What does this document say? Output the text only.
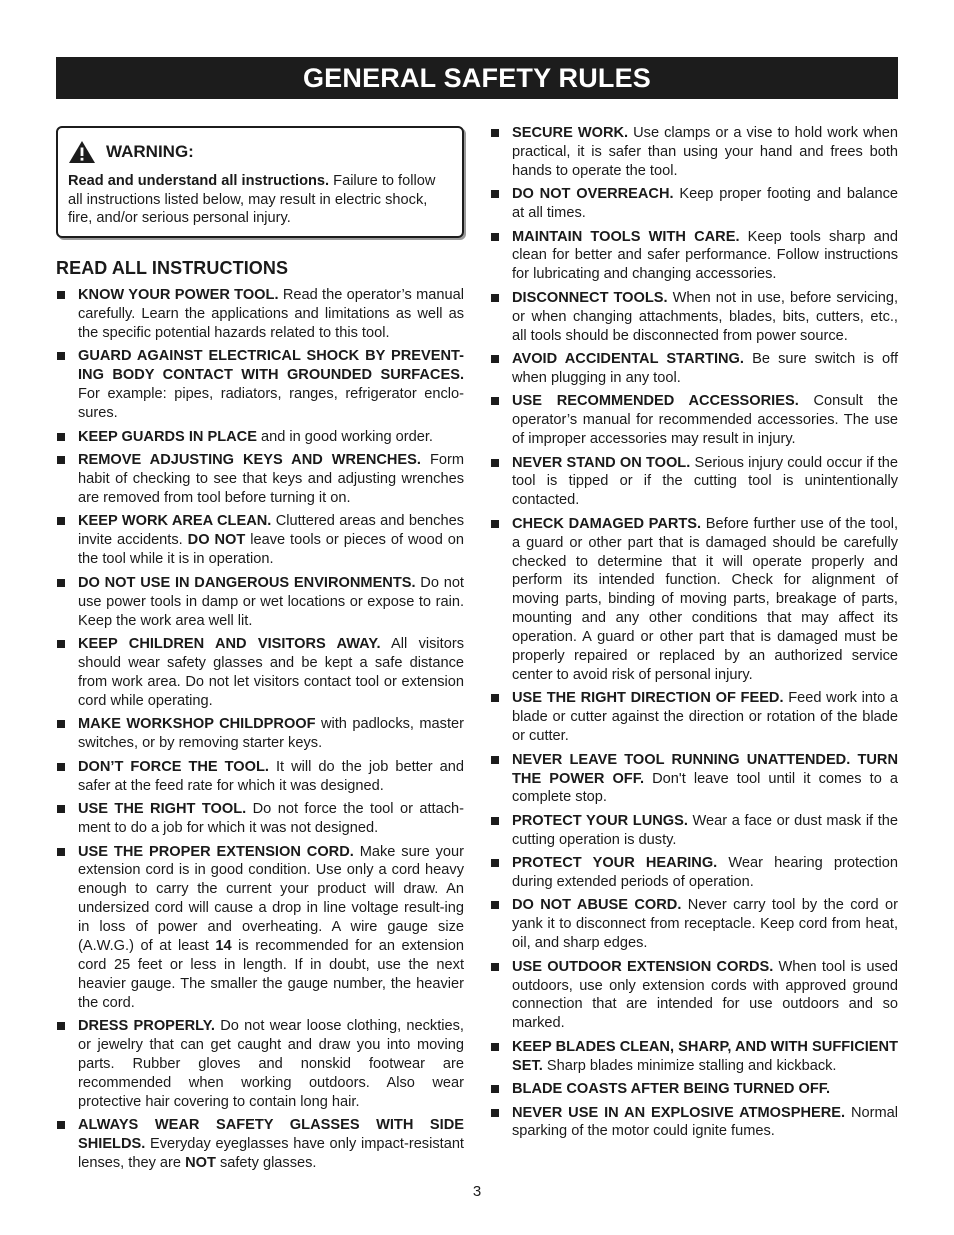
GENERAL SAFETY RULES
WARNING:

Read and understand all instructions. Failure to follow all instructions listed below, may result in electric shock, fire, and/or serious personal injury.

READ ALL INSTRUCTIONS
KNOW YOUR POWER TOOL. Read the operator’s manual carefully. Learn the applications and limitations as well as the specific potential hazards related to this tool.
GUARD AGAINST ELECTRICAL SHOCK BY PREVENT-ING BODY CONTACT WITH GROUNDED SURFACES. For example: pipes, radiators, ranges, refrigerator enclo-sures.
KEEP GUARDS IN PLACE and in good working order.
REMOVE ADJUSTING KEYS AND WRENCHES. Form habit of checking to see that keys and adjusting wrenches are removed from tool before turning it on.
KEEP WORK AREA CLEAN. Cluttered areas and benches invite accidents. DO NOT leave tools or pieces of wood on the tool while it is in operation.
DO NOT USE IN DANGEROUS ENVIRONMENTS. Do not use power tools in damp or wet locations or expose to rain. Keep the work area well lit.
KEEP CHILDREN AND VISITORS AWAY. All visitors should wear safety glasses and be kept a safe distance from work area. Do not let visitors contact tool or extension cord while operating.
MAKE WORKSHOP CHILDPROOF with padlocks, master switches, or by removing starter keys.
DON’T FORCE THE TOOL. It will do the job better and safer at the feed rate for which it was designed.
USE THE RIGHT TOOL. Do not force the tool or attach-ment to do a job for which it was not designed.
USE THE PROPER EXTENSION CORD. Make sure your extension cord is in good condition. Use only a cord heavy enough to carry the current your product will draw. An undersized cord will cause a drop in line voltage result-ing in loss of power and overheating. A wire gauge size (A.W.G.) of at least 14 is recommended for an extension cord 25 feet or less in length. If in doubt, use the next heavier gauge. The smaller the gauge number, the heavier the cord.
DRESS PROPERLY. Do not wear loose clothing, neckties, or jewelry that can get caught and draw you into moving parts. Rubber gloves and nonskid footwear are recommended when working outdoors. Also wear protective hair covering to contain long hair.
ALWAYS WEAR SAFETY GLASSES WITH SIDE SHIELDS. Everyday eyeglasses have only impact-resistant lenses, they are NOT safety glasses.
SECURE WORK. Use clamps or a vise to hold work when practical, it is safer than using your hand and frees both hands to operate the tool.
DO NOT OVERREACH. Keep proper footing and balance at all times.
MAINTAIN TOOLS WITH CARE. Keep tools sharp and clean for better and safer performance. Follow instructions for lubricating and changing accessories.
DISCONNECT TOOLS. When not in use, before servicing, or when changing attachments, blades, bits, cutters, etc., all tools should be disconnected from power source.
AVOID ACCIDENTAL STARTING. Be sure switch is off when plugging in any tool.
USE RECOMMENDED ACCESSORIES. Consult the operator’s manual for recommended accessories. The use of improper accessories may result in injury.
NEVER STAND ON TOOL. Serious injury could occur if the tool is tipped or if the cutting tool is unintentionally contacted.
CHECK DAMAGED PARTS. Before further use of the tool, a guard or other part that is damaged should be carefully checked to determine that it will operate properly and perform its intended function. Check for alignment of moving parts, binding of moving parts, breakage of parts, mounting and any other conditions that may affect its operation. A guard or other part that is damaged must be properly repaired or replaced by an authorized service center to avoid risk of personal injury.
USE THE RIGHT DIRECTION OF FEED. Feed work into a blade or cutter against the direction or rotation of the blade or cutter.
NEVER LEAVE TOOL RUNNING UNATTENDED. TURN THE POWER OFF. Don't leave tool until it comes to a complete stop.
PROTECT YOUR LUNGS. Wear a face or dust mask if the cutting operation is dusty.
PROTECT YOUR HEARING. Wear hearing protection during extended periods of operation.
DO NOT ABUSE CORD. Never carry tool by the cord or yank it to disconnect from receptacle. Keep cord from heat, oil, and sharp edges.
USE OUTDOOR EXTENSION CORDS. When tool is used outdoors, use only extension cords with approved ground connection that are intended for use outdoors and so marked.
KEEP BLADES CLEAN, SHARP, AND WITH SUFFICIENT SET. Sharp blades minimize stalling and kickback.
BLADE COASTS AFTER BEING TURNED OFF.
NEVER USE IN AN EXPLOSIVE ATMOSPHERE. Normal sparking of the motor could ignite fumes.
3
